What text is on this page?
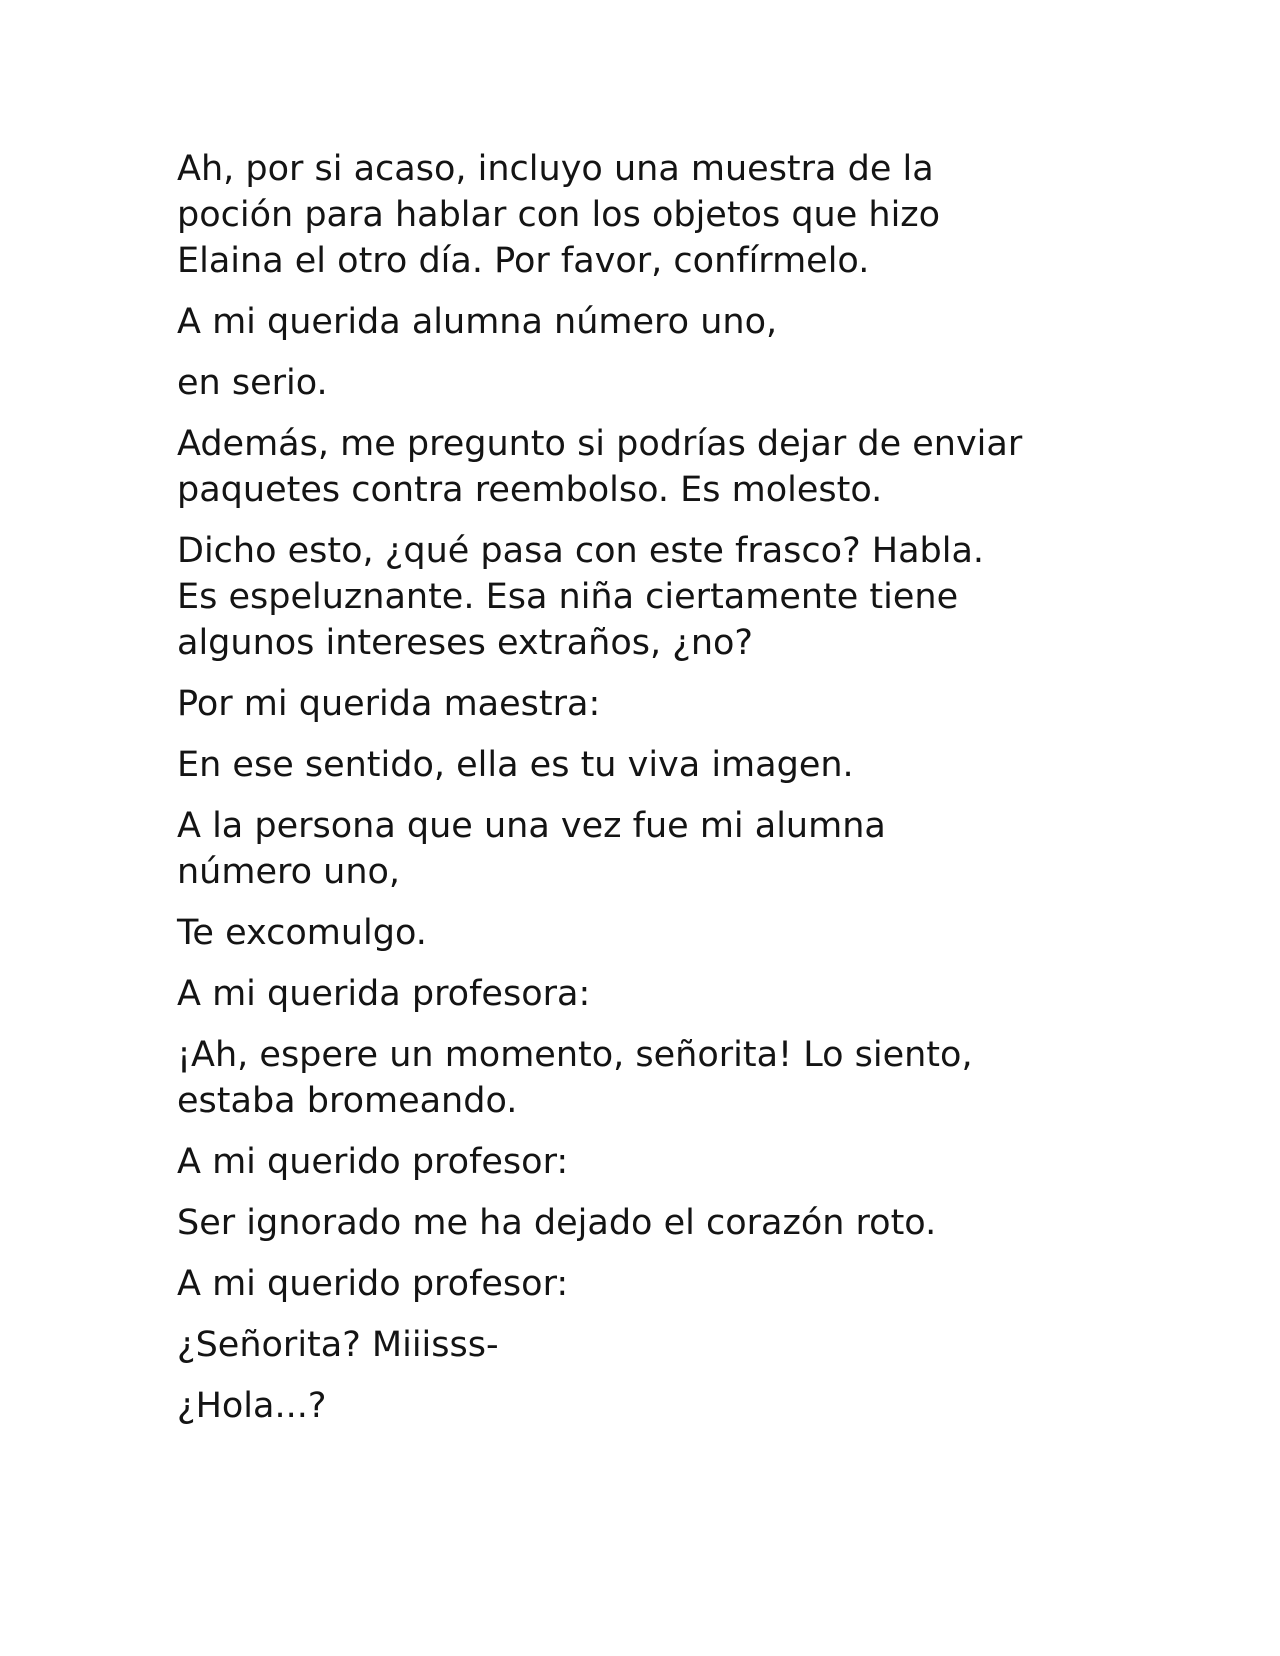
Ah, por si acaso, incluyo una muestra de la
poción para hablar con los objetos que hizo
Elaina el otro día. Por favor, confírmelo.

A mi querida alumna número uno,

en serio.

Además, me pregunto si podrías dejar de enviar
paquetes contra reembolso. Es molesto.

Dicho esto, ¿qué pasa con este frasco? Habla.
Es espeluznante. Esa niña ciertamente tiene
algunos intereses extraños, ¿no?

Por mi querida maestra:

En ese sentido, ella es tu viva imagen.

A la persona que una vez fue mi alumna
número uno,

Te excomulgo.

A mi querida profesora:

¡Ah, espere un momento, señorita! Lo siento,
estaba bromeando.

A mi querido profesor:

Ser ignorado me ha dejado el corazón roto.

A mi querido profesor:

¿Señorita? Miiisss-

¿Hola...?
